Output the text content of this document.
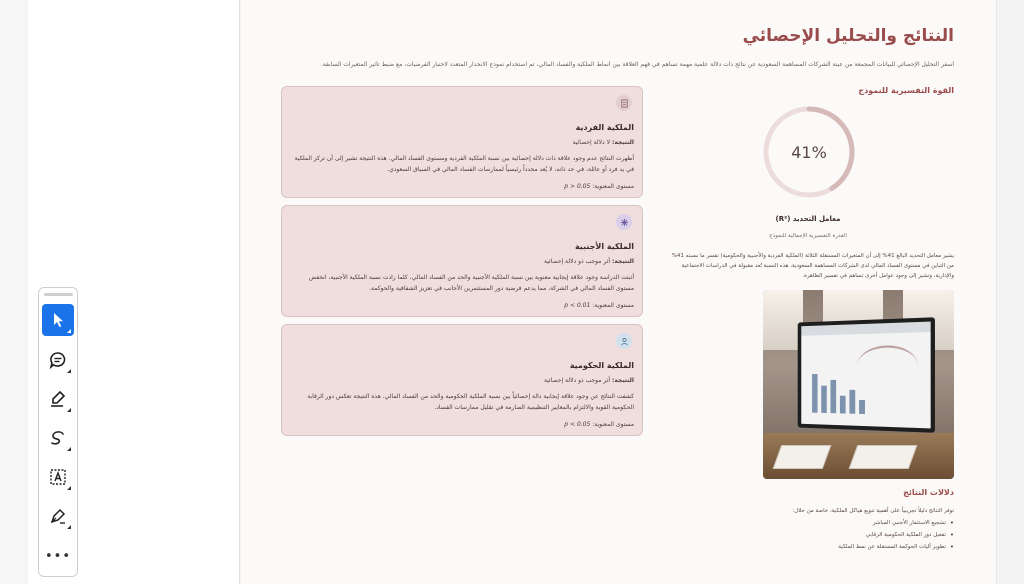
النتائج والتحليل الإحصائي

أسفر التحليل الإحصائي للبيانات المجمعة من عينة الشركات المساهمة السعودية عن نتائج ذات دلالة علمية مهمة تساهم في فهم العلاقة بين أنماط الملكية والفساد المالي، تم استخدام نموذج الانحدار المتعدد لاختبار الفرضيات، مع ضبط تأثير المتغيرات السابقة.

الملكية الفردية

النتيجة: لا دلالة إحصائية

أظهرت النتائج عدم وجود علاقة ذات دلالة إحصائية بين نسبة الملكية الفردية ومستوى الفساد المالي. هذه النتيجة تشير إلى أن تركز الملكية في يد فرد أو عائلة، في حد ذاته، لا يُعد محدداً رئيسياً لممارسات الفساد المالي في السياق السعودي.

مستوى المعنوية: p > 0.05

الملكية الأجنبية

النتيجة: أثر موجب ذو دلالة إحصائية

أثبتت الدراسة وجود علاقة إيجابية معنوية بين نسبة الملكية الأجنبية والحد من الفساد المالي، كلما زادت نسبة الملكية الأجنبية، انخفض مستوى الفساد المالي في الشركة، مما يدعم فرضية دور المستثمرين الأجانب في تعزيز الشفافية والحوكمة.

مستوى المعنوية: p < 0.01

الملكية الحكومية

النتيجة: أثر موجب ذو دلالة إحصائية

كشفت النتائج عن وجود علاقة إيجابية دالة إحصائياً بين نسبة الملكية الحكومية والحد من الفساد المالي. هذه النتيجة تعكس دور الرقابة الحكومية القوية والالتزام بالمعايير التنظيمية الصارمة في تقليل ممارسات الفساد.

مستوى المعنوية: p < 0.05

القوة التفسيرية للنموذج
41%
معامل التحديد (R²)
القدرة التفسيرية الإجمالية للنموذج

يشير معامل التحديد البالغ 41% إلى أن المتغيرات المستقلة الثلاثة (الملكية الفردية والأجنبية والحكومية) تفسر ما نسبته 41% من التباين في مستوى الفساد المالي لدى الشركات المساهمة السعودية، هذه النسبة تُعد مقبولة في الدراسات الاجتماعية والإدارية، وتشير إلى وجود عوامل أخرى تساهم في تفسير الظاهرة.

دلالات النتائج

توفر النتائج دليلاً تجريبياً على أهمية تنويع هياكل الملكية، خاصة من خلال:

• تشجيع الاستثمار الأجنبي المباشر
• تفعيل دور الملكية الحكومية الرقابي
• تطوير آليات الحوكمة المستقلة عن نمط الملكية
•••
